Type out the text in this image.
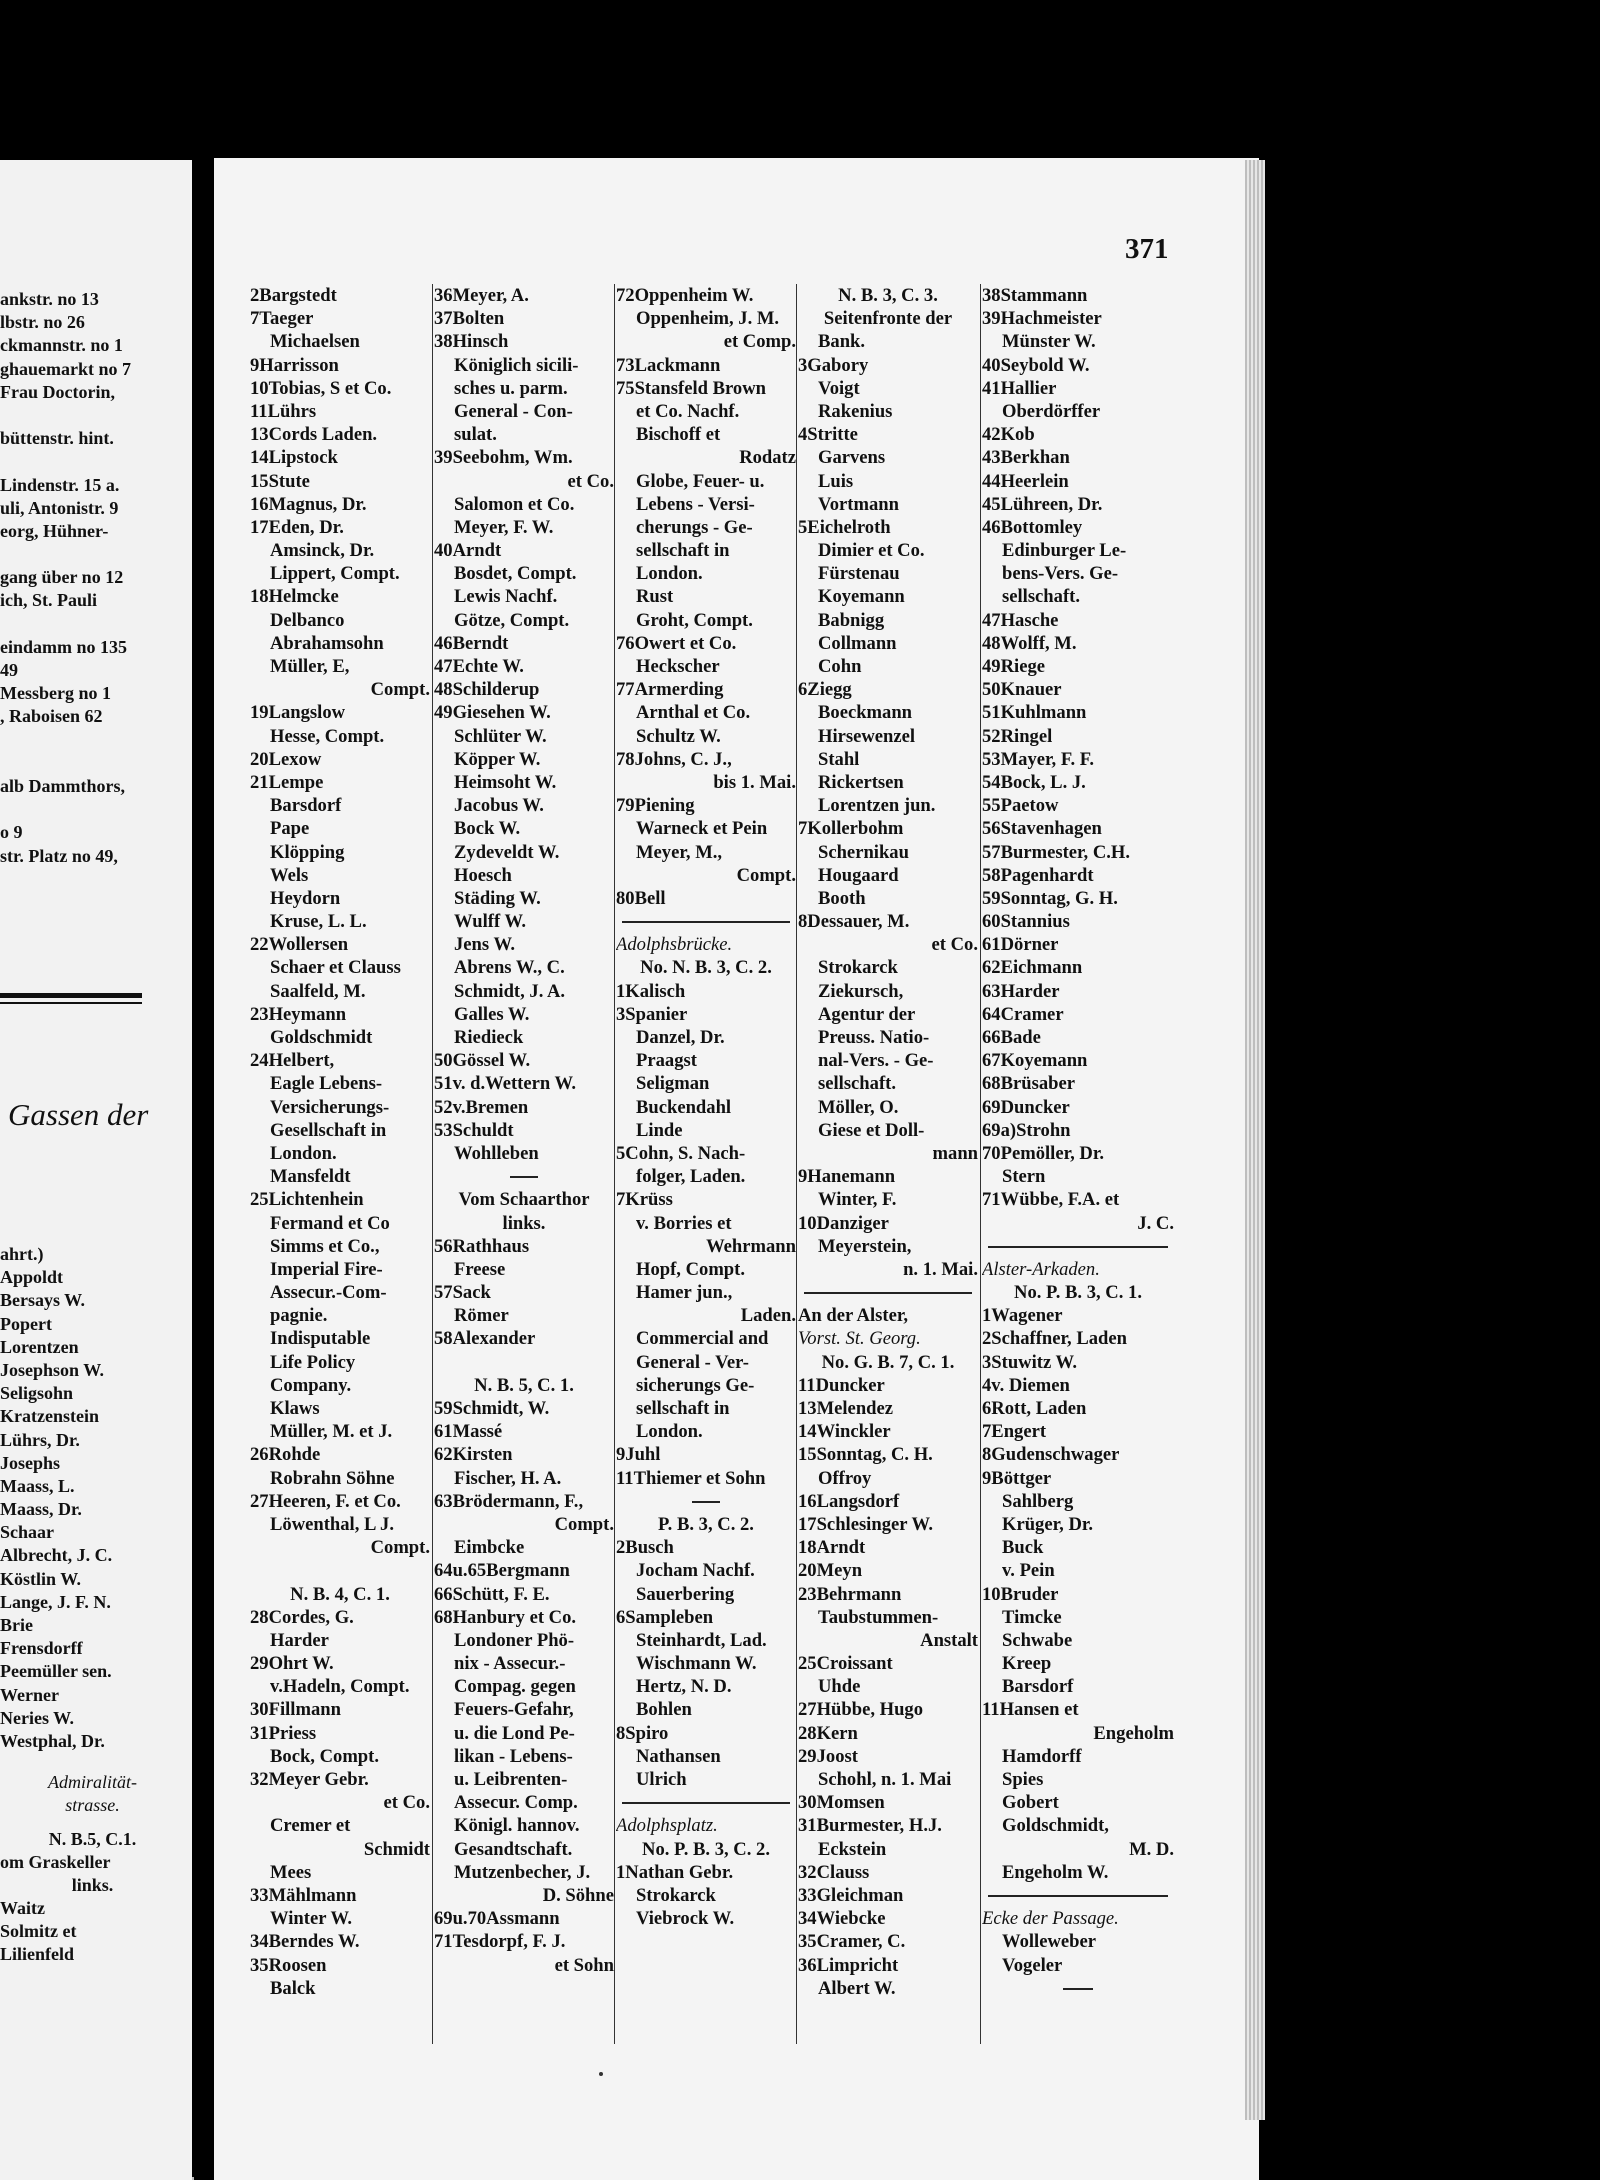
371
ankstr. no 13
lbstr. no 26
ckmannstr. no 1
ghauemarkt no 7
Frau Doctorin,
büttenstr. hint.
Lindenstr. 15 a.
uli, Antonistr. 9
eorg, Hühner-
gang über no 12
ich, St. Pauli
eindamm no 135
49
Messberg no 1
, Raboisen 62
alb Dammthors,
o 9
str. Platz no 49,
Gassen der
ahrt.)
Appoldt
Bersays W.
Popert
Lorentzen
Josephson W.
Seligsohn
Kratzenstein
Lührs, Dr.
Josephs
Maass, L.
Maass, Dr.
Schaar
Albrecht, J. C.
Köstlin W.
Lange, J. F. N.
Brie
Frensdorff
Peemüller sen.
Werner
Neries W.
Westphal, Dr.
Admiralität-
strasse.
N. B.5, C.1.
om Graskeller
links.
Waitz
Solmitz et
Lilienfeld
2Bargstedt
7Taeger
Michaelsen
9Harrisson
10Tobias, S et Co.
11Lührs
13Cords Laden.
14Lipstock
15Stute
16Magnus, Dr.
17Eden, Dr.
Amsinck, Dr.
Lippert, Compt.
18Helmcke
Delbanco
Abrahamsohn
Müller, E,
Compt.
19Langslow
Hesse, Compt.
20Lexow
21Lempe
Barsdorf
Pape
Klöpping
Wels
Heydorn
Kruse, L. L.
22Wollersen
Schaer et Clauss
Saalfeld, M.
23Heymann
Goldschmidt
24Helbert,
Eagle Lebens-
Versicherungs-
Gesellschaft in
London.
Mansfeldt
25Lichtenhein
Fermand et Co
Simms et Co.,
Imperial Fire-
Assecur.-Com-
pagnie.
Indisputable
Life Policy
Company.
Klaws
Müller, M. et J.
26Rohde
Robrahn Söhne
27Heeren, F. et Co.
Löwenthal, L J.
Compt.
N. B. 4, C. 1.
28Cordes, G.
Harder
29Ohrt W.
v.Hadeln, Compt.
30Fillmann
31Priess
Bock, Compt.
32Meyer Gebr.
et Co.
Cremer et
Schmidt
Mees
33Mählmann
Winter W.
34Berndes W.
35Roosen
Balck
36Meyer, A.
37Bolten
38Hinsch
Königlich sicili-
sches u. parm.
General - Con-
sulat.
39Seebohm, Wm.
et Co.
Salomon et Co.
Meyer, F. W.
40Arndt
Bosdet, Compt.
Lewis Nachf.
Götze, Compt.
46Berndt
47Echte W.
48Schilderup
49Giesehen W.
Schlüter W.
Köpper W.
Heimsoht W.
Jacobus W.
Bock W.
Zydeveldt W.
Hoesch
Städing W.
Wulff W.
Jens W.
Abrens W., C.
Schmidt, J. A.
Galles W.
Riedieck
50Gössel W.
51v. d.Wettern W.
52v.Bremen
53Schuldt
Wohlleben
Vom Schaarthor
links.
56Rathhaus
Freese
57Sack
Römer
58Alexander
N. B. 5, C. 1.
59Schmidt, W.
61Massé
62Kirsten
Fischer, H. A.
63Brödermann, F.,
Compt.
Eimbcke
64u.65Bergmann
66Schütt, F. E.
68Hanbury et Co.
Londoner Phö-
nix - Assecur.-
Compag. gegen
Feuers-Gefahr,
u. die Lond Pe-
likan - Lebens-
u. Leibrenten-
Assecur. Comp.
Königl. hannov.
Gesandtschaft.
Mutzenbecher, J.
D. Söhne
69u.70Assmann
71Tesdorpf, F. J.
et Sohn
72Oppenheim W.
Oppenheim, J. M.
et Comp.
73Lackmann
75Stansfeld Brown
et Co. Nachf.
Bischoff et
Rodatz
Globe, Feuer- u.
Lebens - Versi-
cherungs - Ge-
sellschaft in
London.
Rust
Groht, Compt.
76Owert et Co.
Heckscher
77Armerding
Arnthal et Co.
Schultz W.
78Johns, C. J.,
bis 1. Mai.
79Piening
Warneck et Pein
Meyer, M.,
Compt.
80Bell
Adolphsbrücke.
No. N. B. 3, C. 2.
1Kalisch
3Spanier
Danzel, Dr.
Praagst
Seligman
Buckendahl
Linde
5Cohn, S. Nach-
folger, Laden.
7Krüss
v. Borries et
Wehrmann
Hopf, Compt.
Hamer jun.,
Laden.
Commercial and
General - Ver-
sicherungs Ge-
sellschaft in
London.
9Juhl
11Thiemer et Sohn
P. B. 3, C. 2.
2Busch
Jocham Nachf.
Sauerbering
6Sampleben
Steinhardt, Lad.
Wischmann W.
Hertz, N. D.
Bohlen
8Spiro
Nathansen
Ulrich
Adolphsplatz.
No. P. B. 3, C. 2.
1Nathan Gebr.
Strokarck
Viebrock W.
N. B. 3, C. 3.
Seitenfronte der
Bank.
3Gabory
Voigt
Rakenius
4Stritte
Garvens
Luis
Vortmann
5Eichelroth
Dimier et Co.
Fürstenau
Koyemann
Babnigg
Collmann
Cohn
6Ziegg
Boeckmann
Hirsewenzel
Stahl
Rickertsen
Lorentzen jun.
7Kollerbohm
Schernikau
Hougaard
Booth
8Dessauer, M.
et Co.
Strokarck
Ziekursch,
Agentur der
Preuss. Natio-
nal-Vers. - Ge-
sellschaft.
Möller, O.
Giese et Doll-
mann
9Hanemann
Winter, F.
10Danziger
Meyerstein,
n. 1. Mai.
An der Alster,
Vorst. St. Georg.
No. G. B. 7, C. 1.
11Duncker
13Melendez
14Winckler
15Sonntag, C. H.
Offroy
16Langsdorf
17Schlesinger W.
18Arndt
20Meyn
23Behrmann
Taubstummen-
Anstalt
25Croissant
Uhde
27Hübbe, Hugo
28Kern
29Joost
Schohl, n. 1. Mai
30Momsen
31Burmester, H.J.
Eckstein
32Clauss
33Gleichman
34Wiebcke
35Cramer, C.
36Limpricht
Albert W.
38Stammann
39Hachmeister
Münster W.
40Seybold W.
41Hallier
Oberdörffer
42Kob
43Berkhan
44Heerlein
45Lühreen, Dr.
46Bottomley
Edinburger Le-
bens-Vers. Ge-
sellschaft.
47Hasche
48Wolff, M.
49Riege
50Knauer
51Kuhlmann
52Ringel
53Mayer, F. F.
54Bock, L. J.
55Paetow
56Stavenhagen
57Burmester, C.H.
58Pagenhardt
59Sonntag, G. H.
60Stannius
61Dörner
62Eichmann
63Harder
64Cramer
66Bade
67Koyemann
68Brüsaber
69Duncker
69a)Strohn
70Pemöller, Dr.
Stern
71Wübbe, F.A. et
J. C.
Alster-Arkaden.
No. P. B. 3, C. 1.
1Wagener
2Schaffner, Laden
3Stuwitz W.
4v. Diemen
6Rott, Laden
7Engert
8Gudenschwager
9Böttger
Sahlberg
Krüger, Dr.
Buck
v. Pein
10Bruder
Timcke
Schwabe
Kreep
Barsdorf
11Hansen et
Engeholm
Hamdorff
Spies
Gobert
Goldschmidt,
M. D.
Engeholm W.
Ecke der Passage.
Wolleweber
Vogeler
